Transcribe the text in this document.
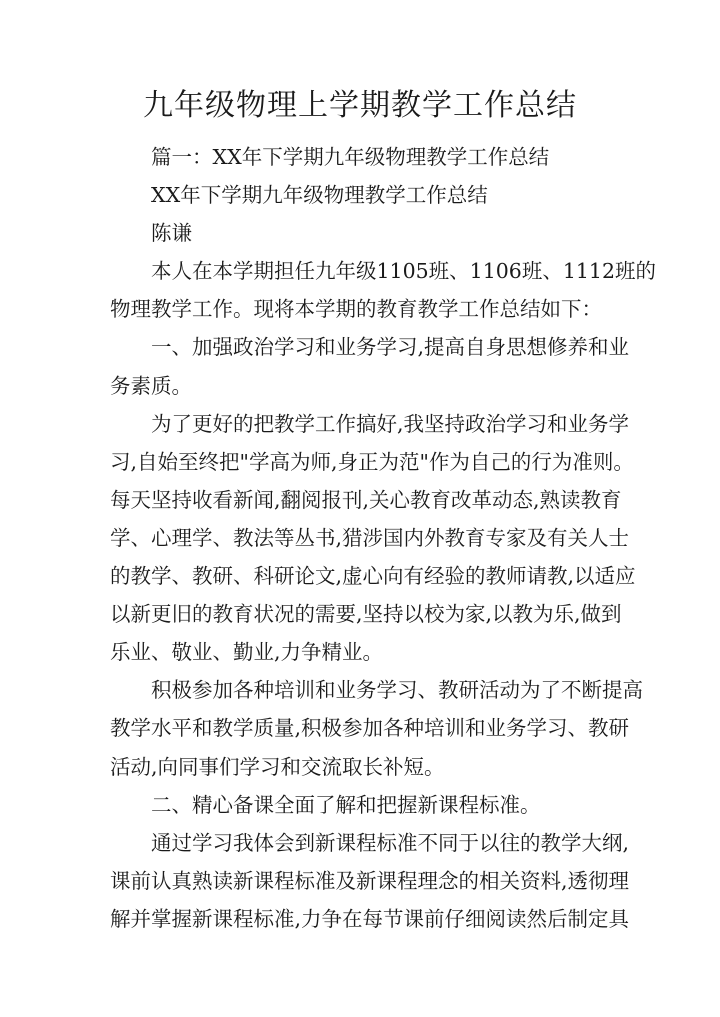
九年级物理上学期教学工作总结

篇一：XX年下学期九年级物理教学工作总结

XX年下学期九年级物理教学工作总结

陈谦

本人在本学期担任九年级1105班、1106班、1112班的
物理教学工作。现将本学期的教育教学工作总结如下：

一、加强政治学习和业务学习,提高自身思想修养和业
务素质。

为了更好的把教学工作搞好,我坚持政治学习和业务学
习,自始至终把"学高为师,身正为范"作为自己的行为准则。
每天坚持收看新闻,翻阅报刊,关心教育改革动态,熟读教育
学、心理学、教法等丛书,猎涉国内外教育专家及有关人士
的教学、教研、科研论文,虚心向有经验的教师请教,以适应
以新更旧的教育状况的需要,坚持以校为家,以教为乐,做到
乐业、敬业、勤业,力争精业。

积极参加各种培训和业务学习、教研活动为了不断提高
教学水平和教学质量,积极参加各种培训和业务学习、教研
活动,向同事们学习和交流取长补短。

二、精心备课全面了解和把握新课程标准。

通过学习我体会到新课程标准不同于以往的教学大纲,
课前认真熟读新课程标准及新课程理念的相关资料,透彻理
解并掌握新课程标准,力争在每节课前仔细阅读然后制定具
